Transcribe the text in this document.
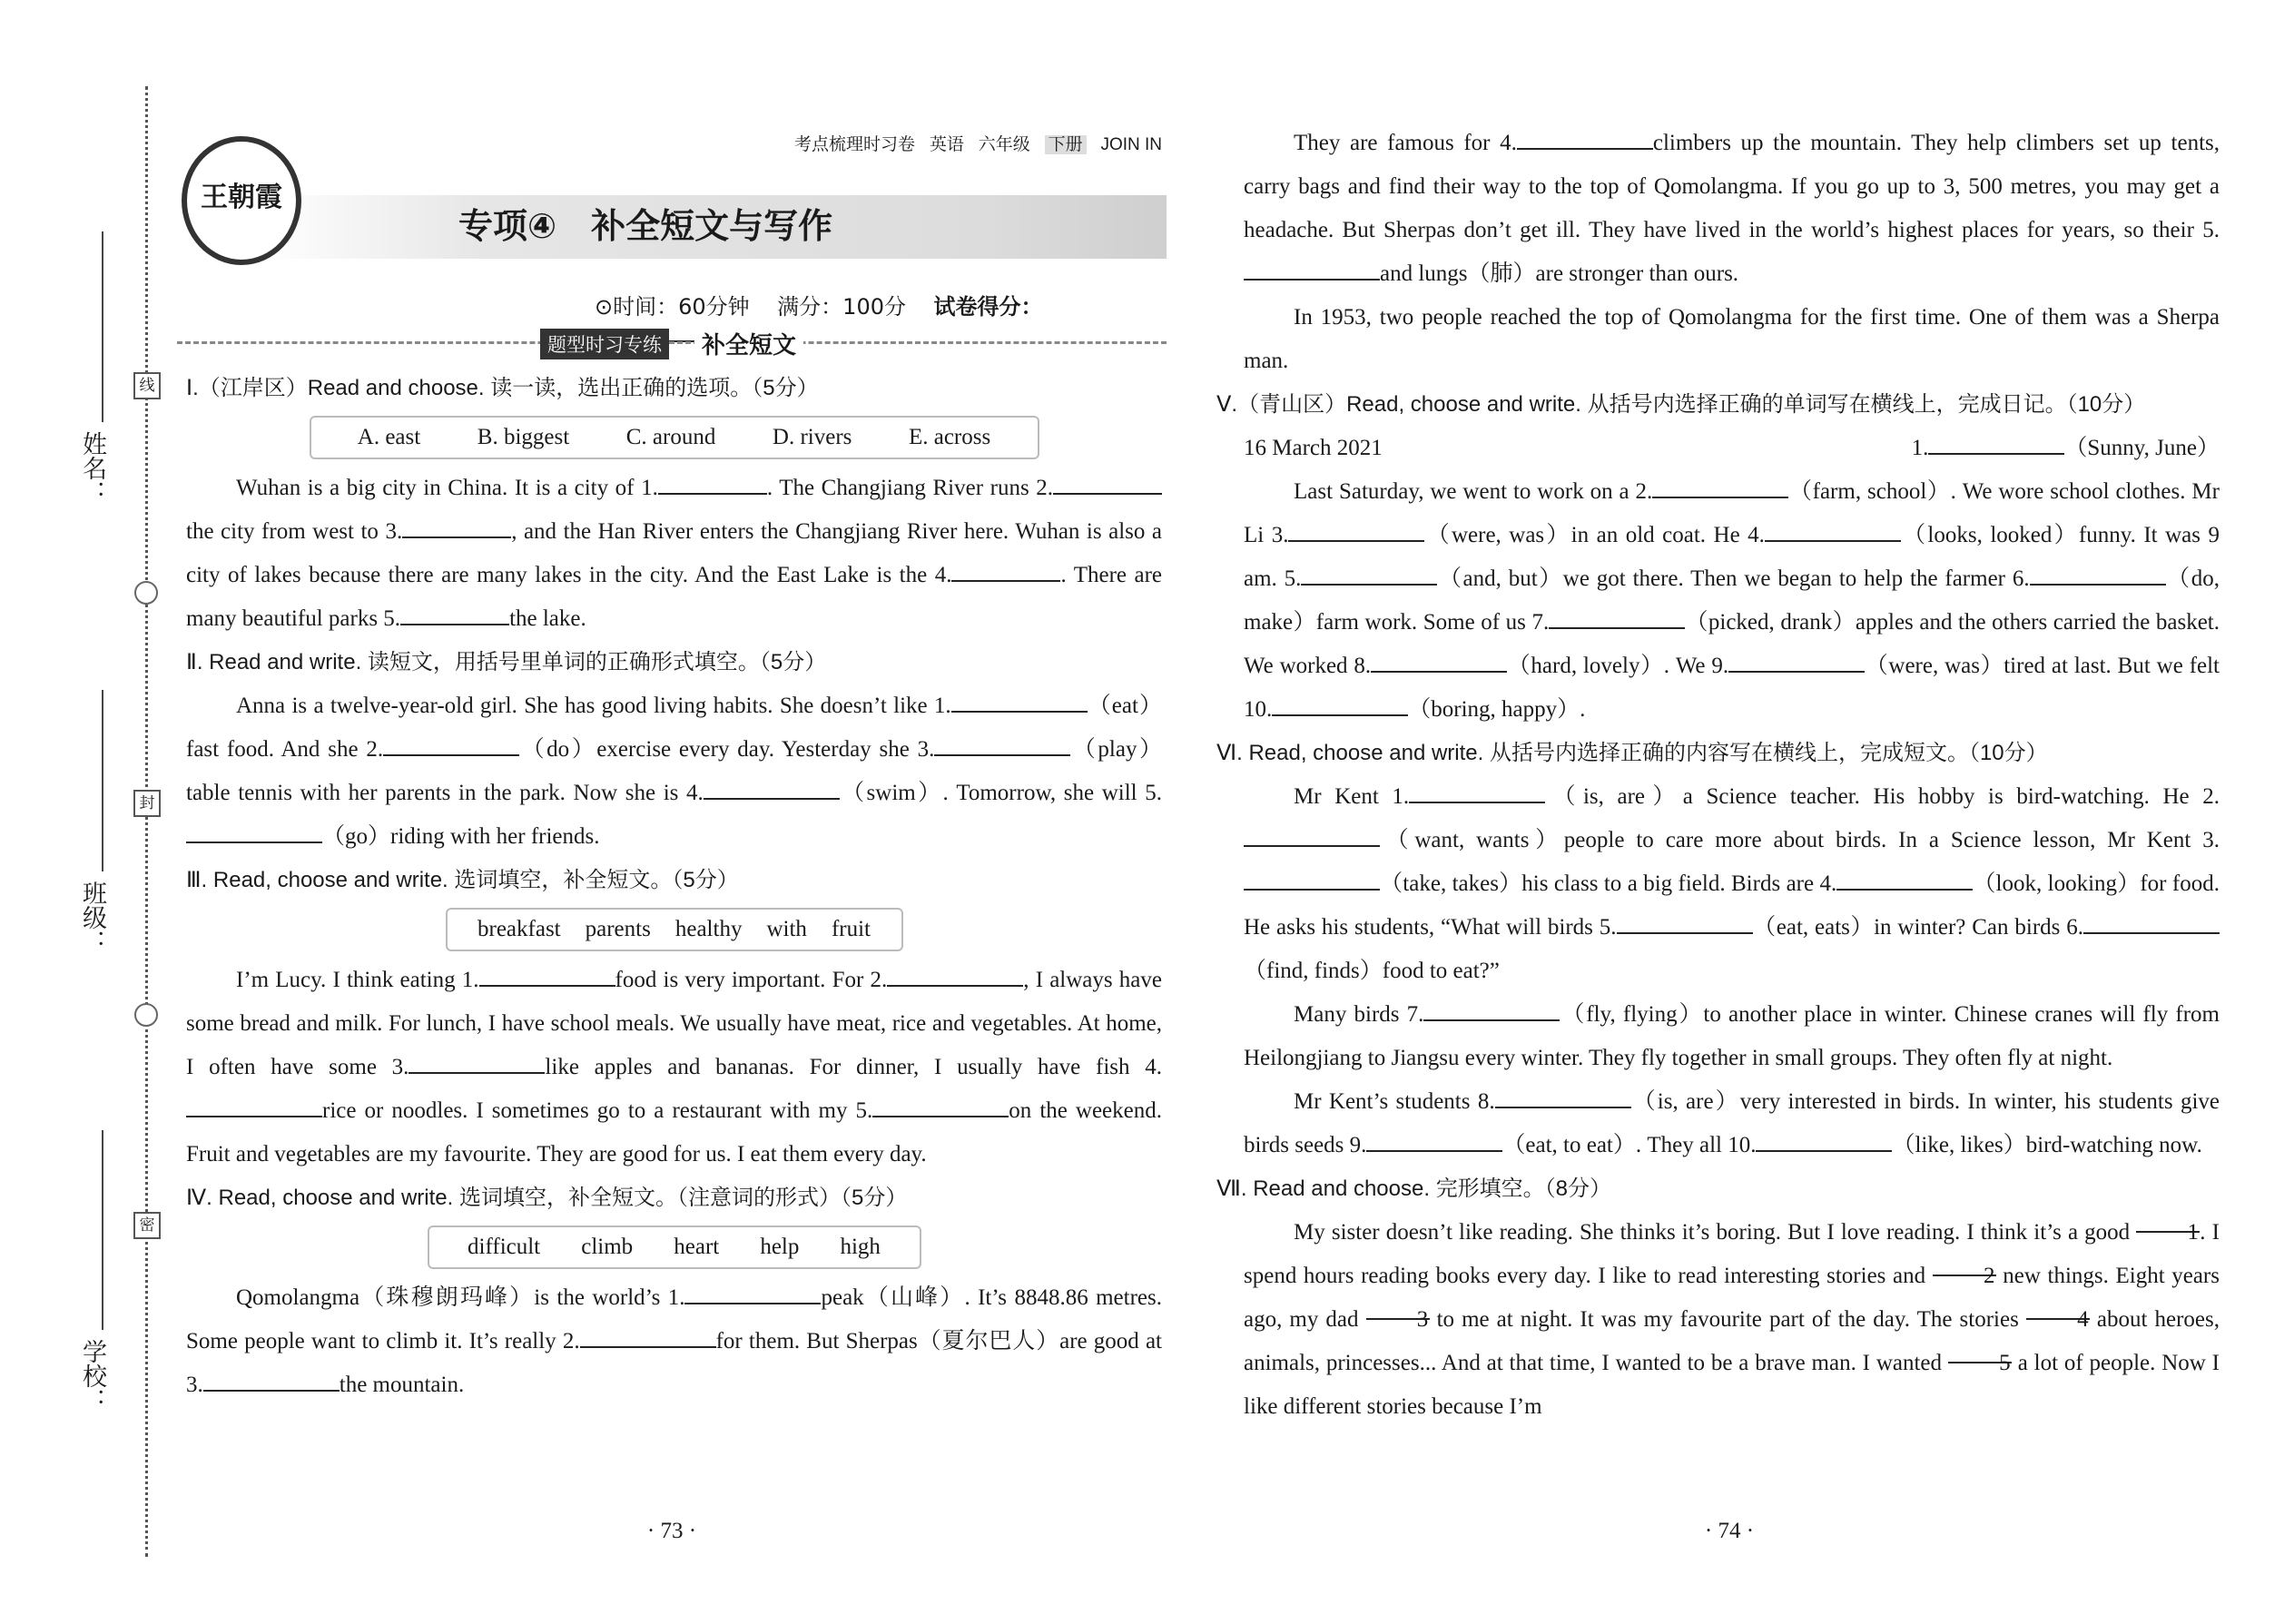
姓名：
班级：
学校：
线
封
密
王朝霞
考点梳理时习卷 英语 六年级 下册 JOIN IN
专项④　补全短文与写作
⊙时间：60分钟 满分：100分 试卷得分：
题型时习专练	补全短文

Ⅰ.（江岸区）Read and choose. 读一读，选出正确的选项。（5分）

A. east	B. biggest	C. around	D. rivers	E. across

Wuhan is a big city in China. It is a city of 1.	. The Changjiang River runs 2.the city from west to 3.	, and the Han River enters the Changjiang River here. Wuhan is also a city of lakes because there are many lakes in the city. And the East Lake is the 4.	. There are many beautiful parks 5.	the lake.

Ⅱ. Read and write. 读短文，用括号里单词的正确形式填空。（5分）

Anna is a twelve-year-old girl. She has good living habits. She doesn’t like 1.	（eat）fast food. And she 2.	（do）exercise every day. Yesterday she 3.	（play）table tennis with her parents in the park. Now she is 4.	（swim）. Tomorrow, she will 5.（go）riding with her friends.

Ⅲ. Read, choose and write. 选词填空，补全短文。（5分）

breakfast parents healthy with fruit

I’m Lucy. I think eating 1.	food is very important. For 2.	, I always have some bread and milk. For lunch, I have school meals. We usually have meat, rice and vegetables. At home, I often have some 3.	like apples and bananas. For dinner, I usually have fish 4.rice or noodles. I sometimes go to a restaurant with my 5.	on the weekend. Fruit and vegetables are my favourite. They are good for us. I eat them every day.

Ⅳ. Read, choose and write. 选词填空，补全短文。（注意词的形式）（5分）

difficult climb heart help high

Qomolangma（珠穆朗玛峰）is the world’s 1.	peak（山峰）. It’s 8848.86 metres. Some people want to climb it. It’s really 2.	for them. But Sherpas（夏尔巴人）are good at 3.	the mountain.

· 73 ·

They are famous for 4.	climbers up the mountain. They help climbers set up tents, carry bags and find their way to the top of Qomolangma. If you go up to 3, 500 metres, you may get a headache. But Sherpas don’t get ill. They have lived in the world’s highest places for years, so their 5.and lungs（肺）are stronger than ours.

In 1953, two people reached the top of Qomolangma for the first time. One of them was a Sherpa man.

Ⅴ.（青山区）Read, choose and write. 从括号内选择正确的单词写在横线上，完成日记。（10分）

16 March 2021	1.	（Sunny, June）

Last Saturday, we went to work on a 2.	（farm, school）. We wore school clothes. Mr Li 3.	（were, was）in an old coat. He 4.	（looks, looked）funny. It was 9 am. 5.	（and, but）we got there. Then we began to help the farmer 6.	（do, make）farm work. Some of us 7.	（picked, drank）apples and the others carried the basket. We worked 8.	（hard, lovely）. We 9.	（were, was）tired at last. But we felt 10.	（boring, happy）.

Ⅵ. Read, choose and write. 从括号内选择正确的内容写在横线上，完成短文。（10分）

Mr Kent 1.	（is, are）a Science teacher. His hobby is bird-watching. He 2.（want, wants）people to care more about birds. In a Science lesson, Mr Kent 3.（take, takes）his class to a big field. Birds are 4.	（look, looking）for food. He asks his students, “What will birds 5.	（eat, eats）in winter? Can birds 6.（find, finds）food to eat?”

Many birds 7.	（fly, flying）to another place in winter. Chinese cranes will fly from Heilongjiang to Jiangsu every winter. They fly together in small groups. They often fly at night.

Mr Kent’s students 8.	（is, are）very interested in birds. In winter, his students give birds seeds 9.	（eat, to eat）. They all 10.	（like, likes）bird-watching now.

Ⅶ. Read and choose. 完形填空。（8分）

My sister doesn’t like reading. She thinks it’s boring. But I love reading. I think it’s a good 1. I spend hours reading books every day. I like to read interesting stories and 2 new things. Eight years ago, my dad 3 to me at night. It was my favourite part of the day. The stories 4 about heroes, animals, princesses... And at that time, I wanted to be a brave man. I wanted 5 a lot of people. Now I like different stories because I’m

· 74 ·
